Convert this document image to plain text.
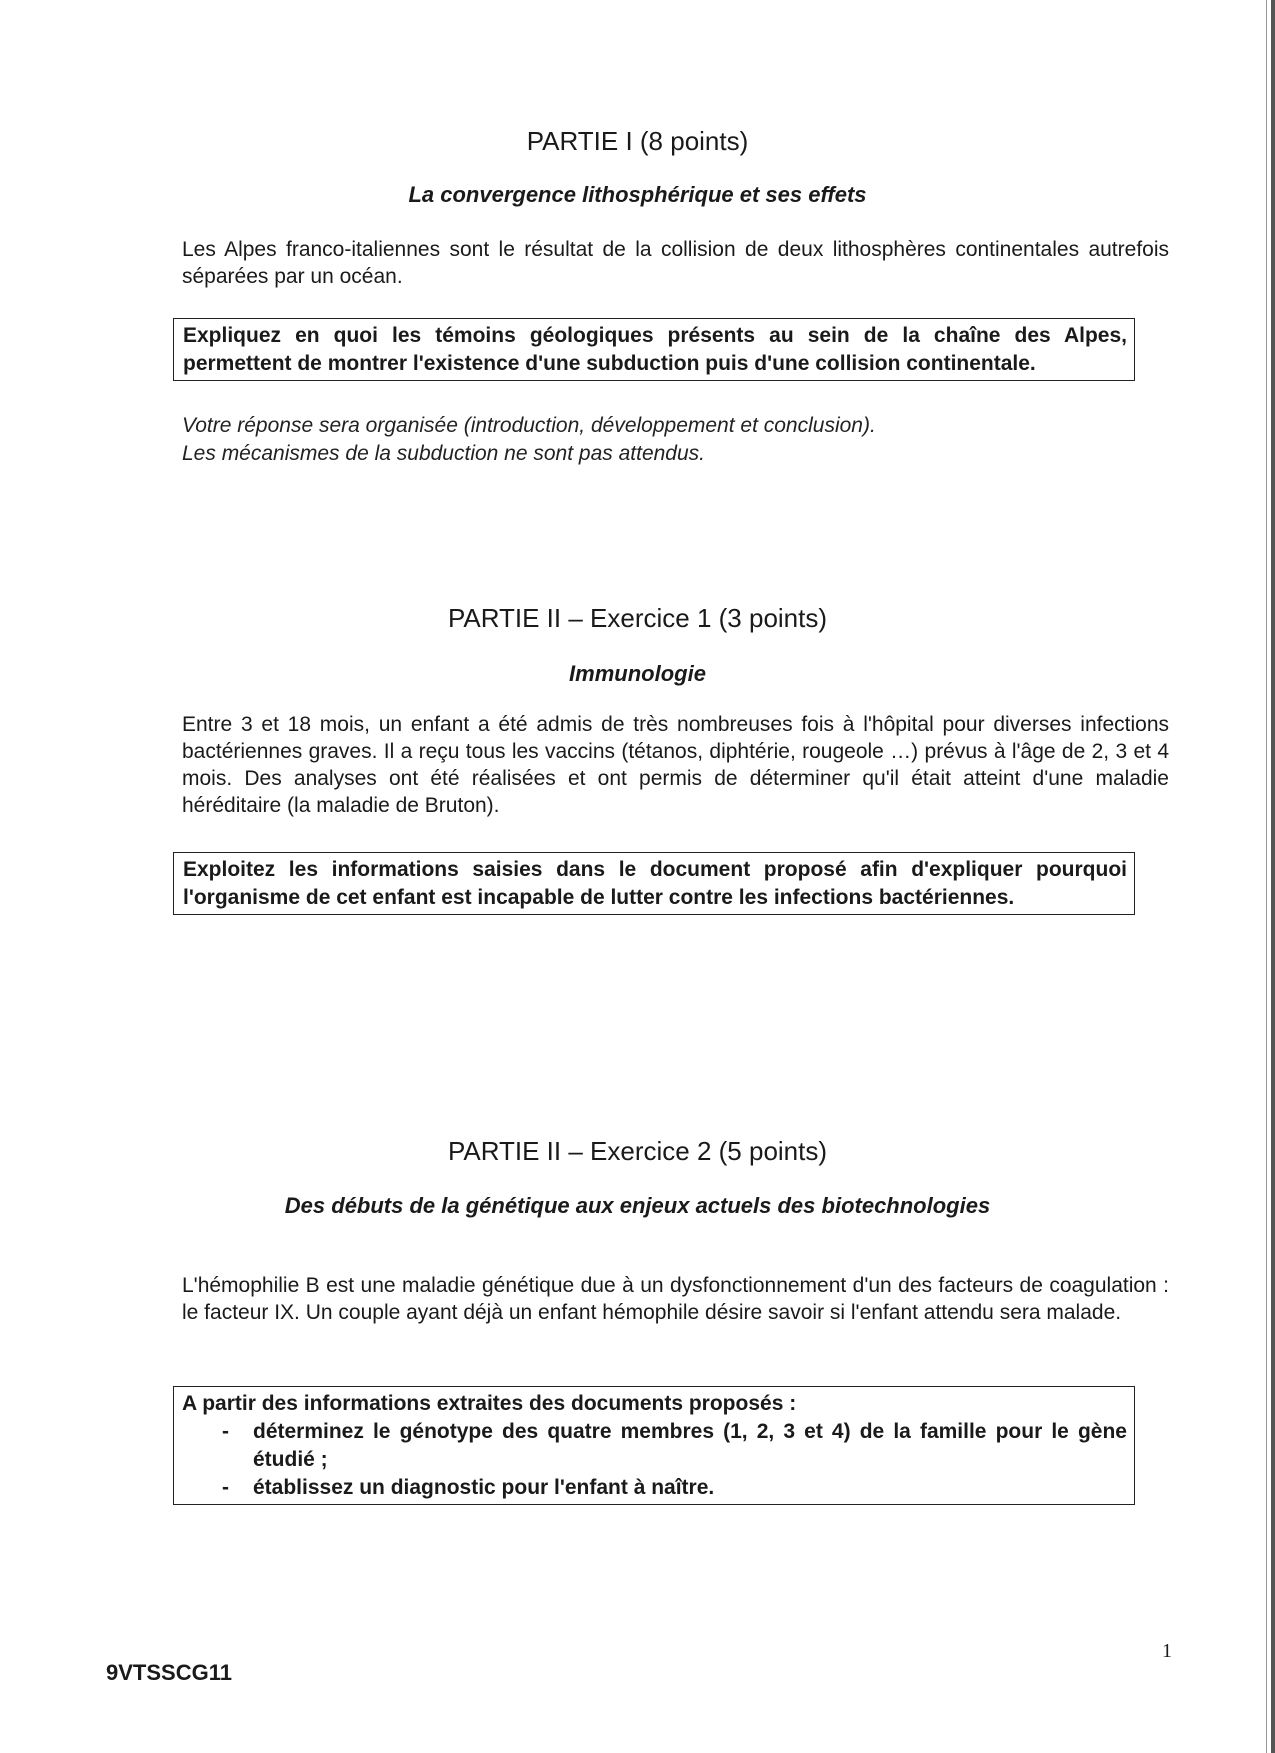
PARTIE I (8 points)
La convergence lithosphérique et ses effets

Les Alpes franco-italiennes sont le résultat de la collision de deux lithosphères continentales autrefois séparées par un océan.

Expliquez en quoi les témoins géologiques présents au sein de la chaîne des Alpes, permettent de montrer l'existence d'une subduction puis d'une collision continentale.
Votre réponse sera organisée (introduction, développement et conclusion).
Les mécanismes de la subduction ne sont pas attendus.
PARTIE II – Exercice 1 (3 points)
Immunologie

Entre 3 et 18 mois, un enfant a été admis de très nombreuses fois à l'hôpital pour diverses infections bactériennes graves. Il a reçu tous les vaccins (tétanos, diphtérie, rougeole …) prévus à l'âge de 2, 3 et 4 mois. Des analyses ont été réalisées et ont permis de déterminer qu'il était atteint d'une maladie héréditaire (la maladie de Bruton).

Exploitez les informations saisies dans le document proposé afin d'expliquer pourquoi l'organisme de cet enfant est incapable de lutter contre les infections bactériennes.
PARTIE II – Exercice 2 (5 points)
Des débuts de la génétique aux enjeux actuels des biotechnologies

L'hémophilie B est une maladie génétique due à un dysfonctionnement d'un des facteurs de coagulation : le facteur IX. Un couple ayant déjà un enfant hémophile désire savoir si l'enfant attendu sera malade.

A partir des informations extraites des documents proposés :
- déterminez le génotype des quatre membres (1, 2, 3 et 4) de la famille pour le gène étudié ;
- établissez un diagnostic pour l'enfant à naître.
9VTSSCG11
1
